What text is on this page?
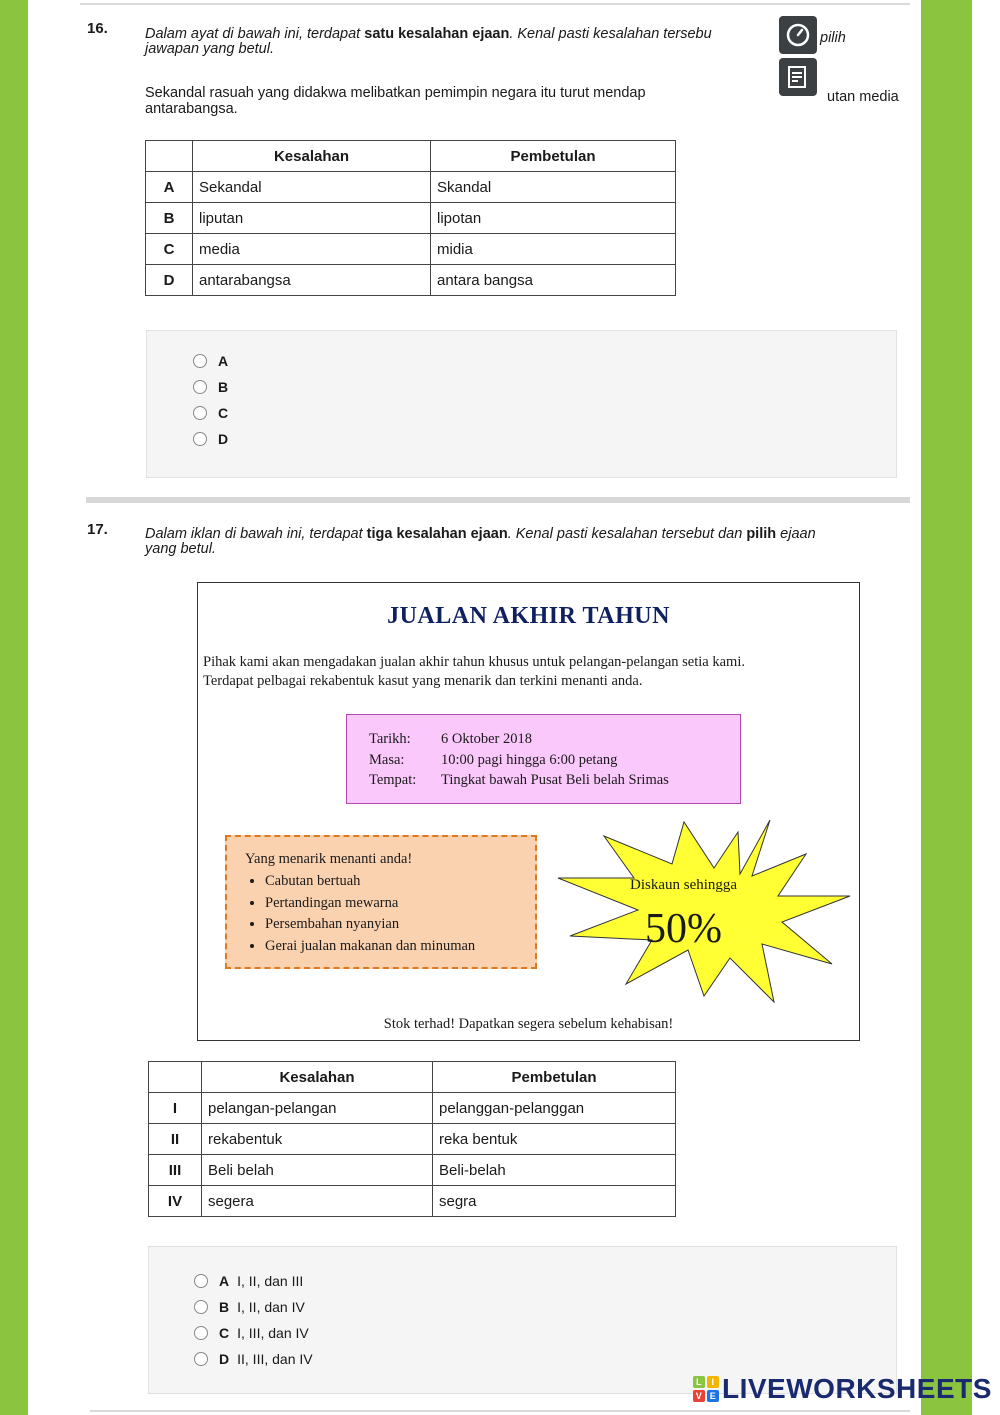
16.	Dalam ayat di bawah ini, terdapat satu kesalahan ejaan. Kenal pasti kesalahan tersebu	pilih
jawapan yang betul.
Sekandal rasuah yang didakwa melibatkan pemimpin negara itu turut mendap	utan media
antarabangsa.
	Kesalahan	Pembetulan
A	Sekandal	Skandal
B	liputan	lipotan
C	media	midia
D	antarabangsa	antara bangsa
A
B
C
D
17.	Dalam iklan di bawah ini, terdapat tiga kesalahan ejaan. Kenal pasti kesalahan tersebut dan pilih ejaan
yang betul.
JUALAN AKHIR TAHUN
Pihak kami akan mengadakan jualan akhir tahun khusus untuk pelangan-pelangan setia kami.
Terdapat pelbagai rekabentuk kasut yang menarik dan terkini menanti anda.
Tarikh:	6 Oktober 2018
Masa:	10:00 pagi hingga 6:00 petang
Tempat:	Tingkat bawah Pusat Beli belah Srimas
Yang menarik menanti anda!
• Cabutan bertuah
• Pertandingan mewarna
• Persembahan nyanyian
• Gerai jualan makanan dan minuman
Diskaun sehingga
50%
Stok terhad! Dapatkan segera sebelum kehabisan!
	Kesalahan	Pembetulan
I	pelangan-pelangan	pelanggan-pelanggan
II	rekabentuk	reka bentuk
III	Beli belah	Beli-belah
IV	segera	segra
A I, II, dan III
B I, II, dan IV
C I, III, dan IV
D II, III, dan IV
L	I
V E LIVEWORKSHEETS
